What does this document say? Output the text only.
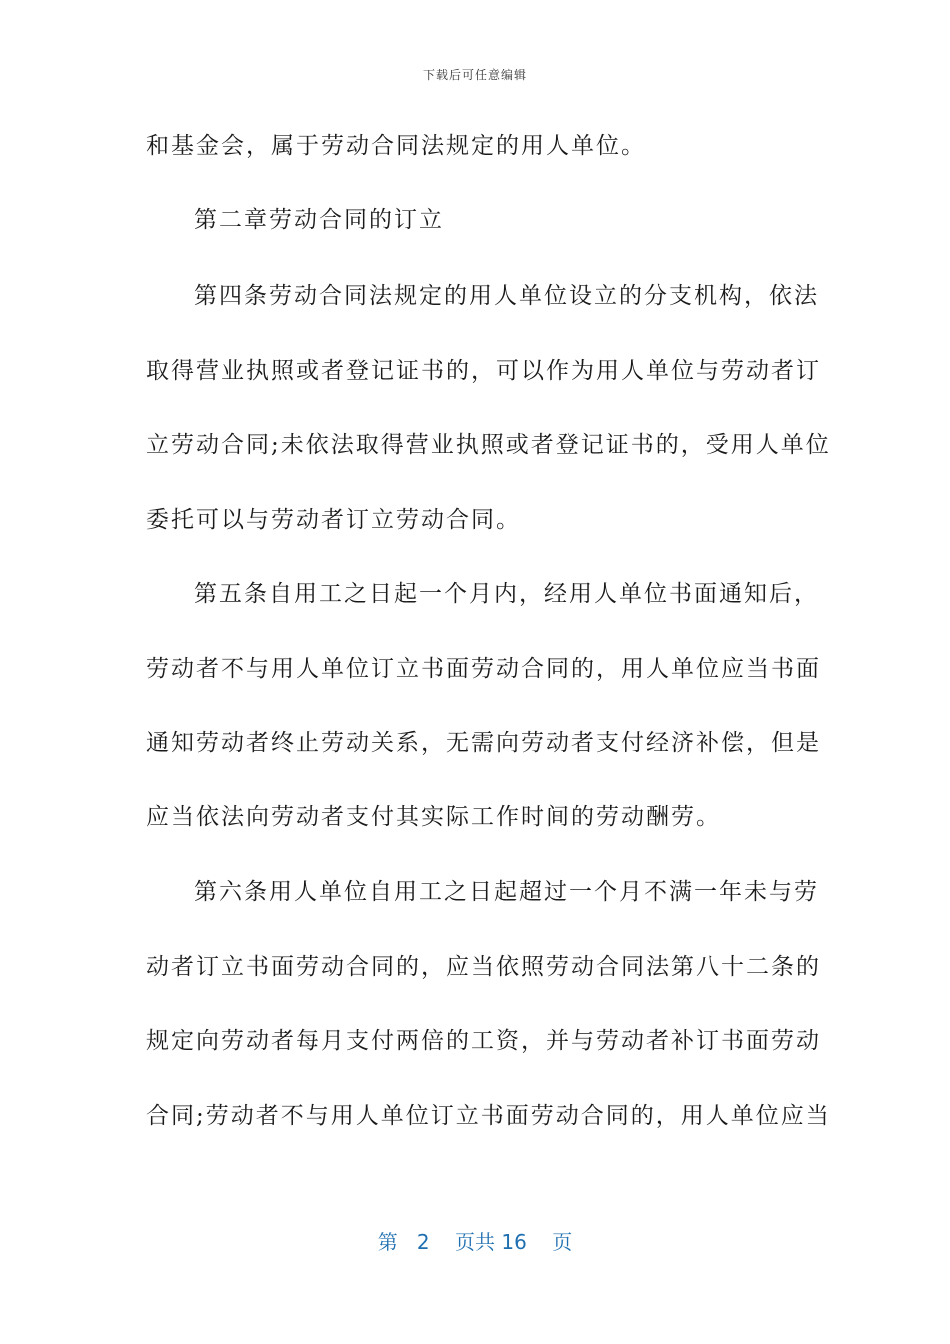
下载后可任意编辑
和基金会，属于劳动合同法规定的用人单位。
第二章劳动合同的订立
第四条劳动合同法规定的用人单位设立的分支机构，依法
取得营业执照或者登记证书的，可以作为用人单位与劳动者订
立劳动合同;未依法取得营业执照或者登记证书的，受用人单位
委托可以与劳动者订立劳动合同。
第五条自用工之日起一个月内，经用人单位书面通知后，
劳动者不与用人单位订立书面劳动合同的，用人单位应当书面
通知劳动者终止劳动关系，无需向劳动者支付经济补偿，但是
应当依法向劳动者支付其实际工作时间的劳动酬劳。
第六条用人单位自用工之日起超过一个月不满一年未与劳
动者订立书面劳动合同的，应当依照劳动合同法第八十二条的
规定向劳动者每月支付两倍的工资，并与劳动者补订书面劳动
合同;劳动者不与用人单位订立书面劳动合同的，用人单位应当
第 2 页共 16 页
